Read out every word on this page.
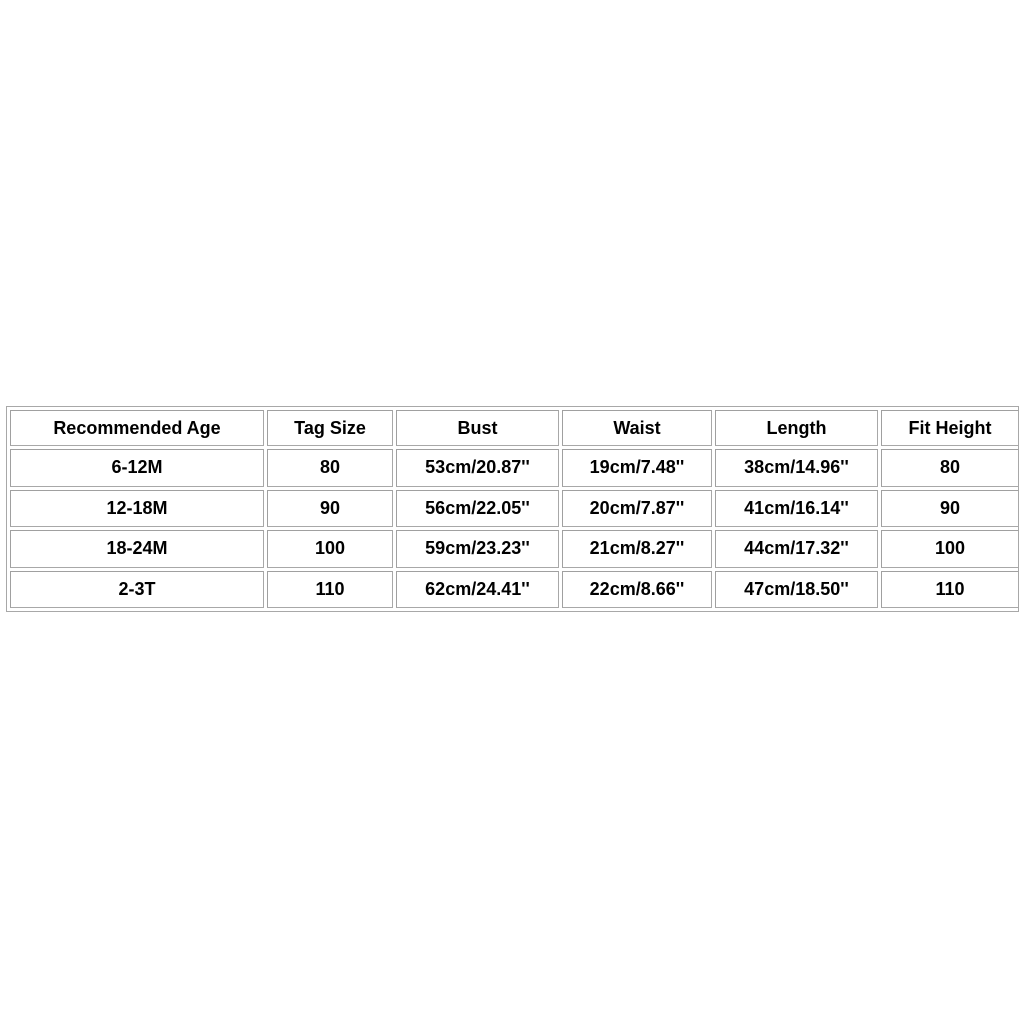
Recommended Age	Tag Size	Bust	Waist	Length	Fit Height
6-12M	80	53cm/20.87''	19cm/7.48''	38cm/14.96''	80
12-18M	90	56cm/22.05''	20cm/7.87''	41cm/16.14''	90
18-24M	100	59cm/23.23''	21cm/8.27''	44cm/17.32''	100
2-3T	110	62cm/24.41''	22cm/8.66''	47cm/18.50''	110
